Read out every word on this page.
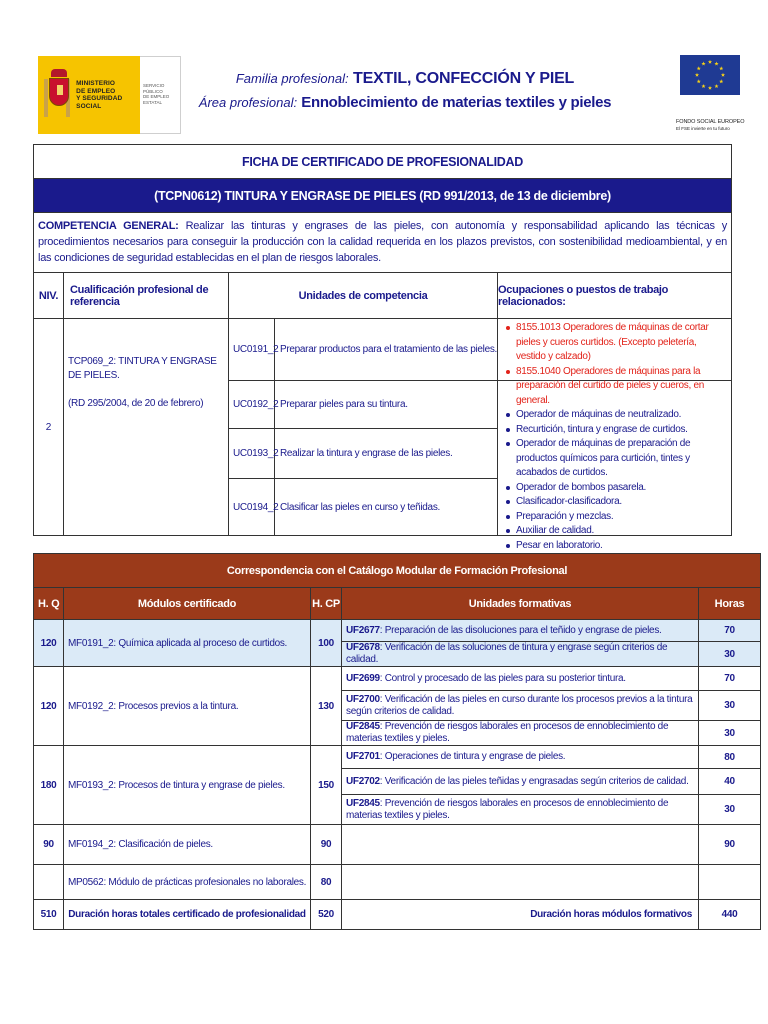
MINISTERIO
DE EMPLEO
Y SEGURIDAD SOCIAL
SERVICIO PÚBLICO
DE EMPLEO ESTATAL
Familia profesional: TEXTIL, CONFECCIÓN Y PIEL
Área profesional: Ennoblecimiento de materias textiles y pieles
FONDO SOCIAL EUROPEO
El FSE invierte en tu futuro
FICHA DE CERTIFICADO DE PROFESIONALIDAD
(TCPN0612) TINTURA Y ENGRASE DE PIELES (RD 991/2013, de 13 de diciembre)
COMPETENCIA GENERAL: Realizar las tinturas y engrases de las pieles, con autonomía y responsabilidad aplicando las técnicas y procedimientos necesarios para conseguir la producción con la calidad requerida en los plazos previstos, con sostenibilidad medioambiental, y en las condiciones de seguridad establecidas en el plan de riesgos laborales.
NIV.	Cualificación profesional de referencia	Unidades de competencia	Ocupaciones o puestos de trabajo relacionados:
2
TCP069_2: TINTURA Y ENGRASE DE PIELES.
(RD 295/2004, de 20 de febrero)
UC0191_2 Preparar productos para el tratamiento de las pieles.
UC0192_2 Preparar pieles para su tintura.
UC0193_2 Realizar la tintura y engrase de las pieles.
UC0194_2 Clasificar las pieles en curso y teñidas.
8155.1013 Operadores de máquinas de cortar pieles y cueros curtidos. (Excepto peletería, vestido y calzado)
8155.1040 Operadores de máquinas para la preparación del curtido de pieles y cueros, en general.
Operador de máquinas de neutralizado.
Recurtición, tintura y engrase de curtidos.
Operador de máquinas de preparación de productos químicos para curtición, tintes y acabados de curtidos.
Operador de bombos pasarela.
Clasificador-clasificadora.
Preparación y mezclas.
Auxiliar de calidad.
Pesar en laboratorio.
Correspondencia con el Catálogo Modular de Formación Profesional				
H. Q	Módulos certificado	H. CP	Unidades formativas	Horas
120	MF0191_2: Química aplicada al proceso de curtidos.	100	UF2677: Preparación de las disoluciones para el teñido y engrase de pieles.	70
			UF2678: Verificación de las soluciones de tintura y engrase según criterios de calidad.	30
120	MF0192_2: Procesos previos a la tintura.	130	UF2699: Control y procesado de las pieles para su posterior tintura.	70
			UF2700: Verificación de las pieles en curso durante los procesos previos a la tintura según criterios de calidad.	30
			UF2845: Prevención de riesgos laborales en procesos de ennoblecimiento de materias textiles y pieles.	30
180	MF0193_2: Procesos de tintura y engrase de pieles.	150	UF2701: Operaciones de tintura y engrase de pieles.	80
			UF2702: Verificación de las pieles teñidas y engrasadas según criterios de calidad.	40
			UF2845: Prevención de riesgos laborales en procesos de ennoblecimiento de materias textiles y pieles.	30
90	MF0194_2: Clasificación de pieles.	90		90
	MP0562: Módulo de prácticas profesionales no laborales.	80		
510	Duración horas totales certificado de profesionalidad	520	Duración horas módulos formativos	440
